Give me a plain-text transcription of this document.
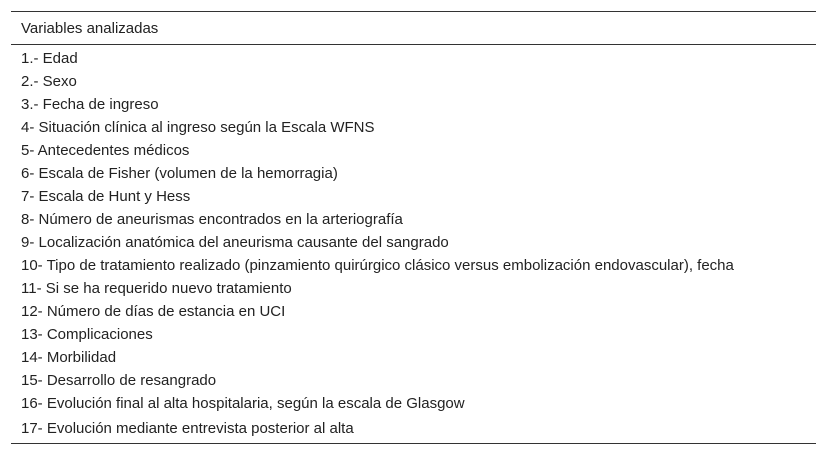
Variables analizadas
1.- Edad
2.- Sexo
3.- Fecha de ingreso
4- Situación clínica al ingreso según la Escala WFNS
5- Antecedentes médicos
6- Escala de Fisher (volumen de la hemorragia)
7- Escala de Hunt y Hess
8- Número de aneurismas encontrados en la arteriografía
9- Localización anatómica del aneurisma causante del sangrado
10- Tipo de tratamiento realizado (pinzamiento quirúrgico clásico versus embolización endovascular), fecha
11- Si se ha requerido nuevo tratamiento
12- Número de días de estancia en UCI
13- Complicaciones
14- Morbilidad
15- Desarrollo de resangrado
16- Evolución final al alta hospitalaria, según la escala de Glasgow
17- Evolución mediante entrevista posterior al alta
